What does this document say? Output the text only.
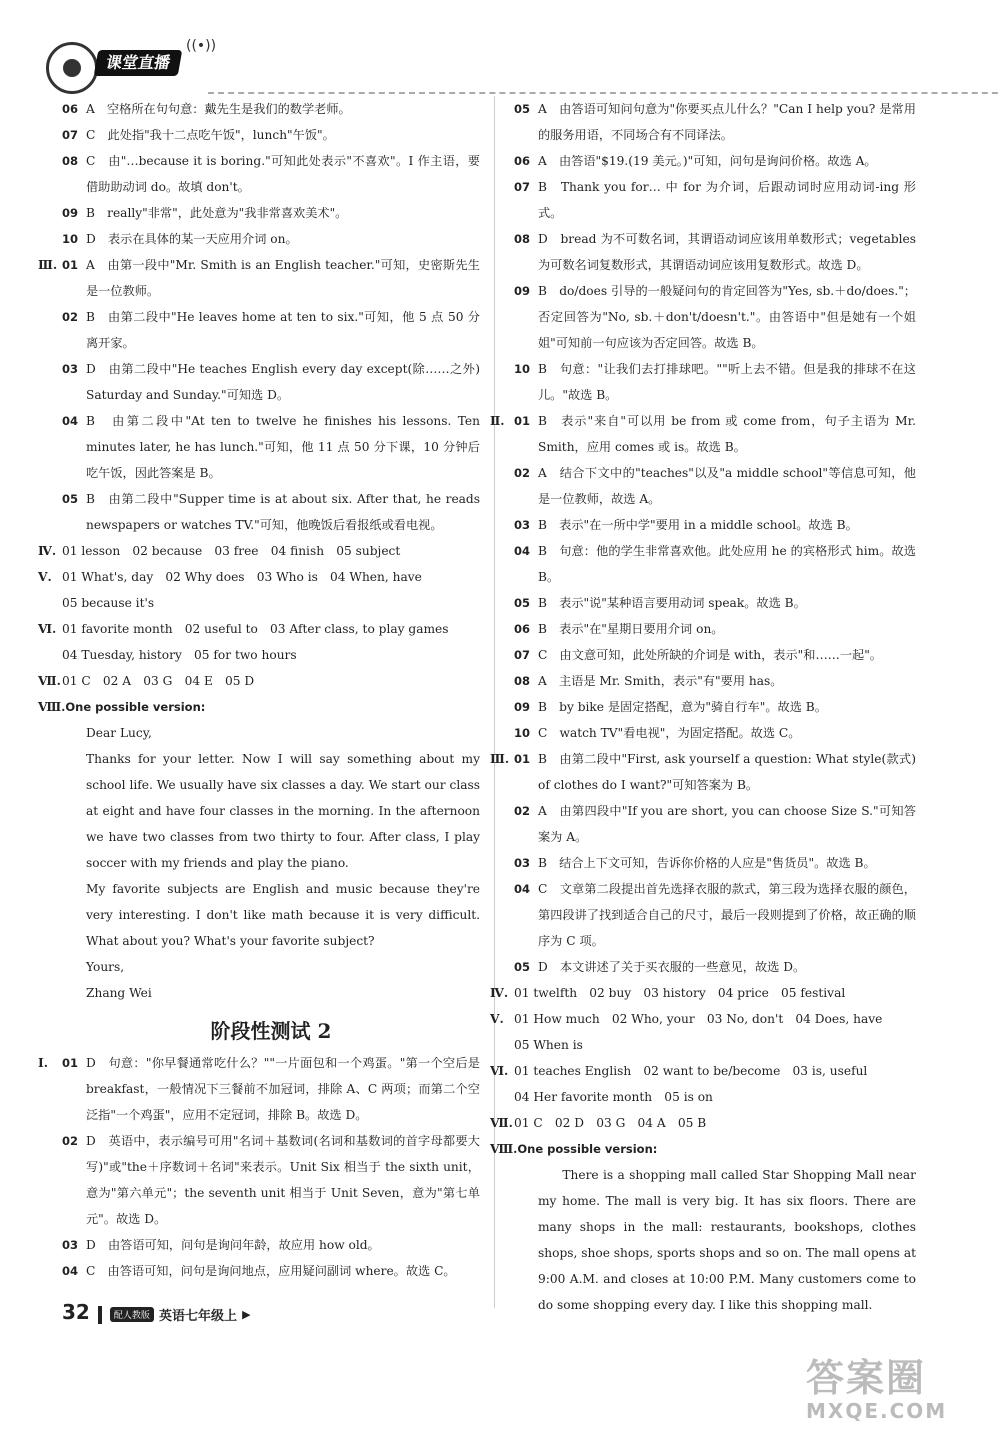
课堂直播
((•))
06 A　空格所在句句意：戴先生是我们的数学老师。
07 C　此处指"我十二点吃午饭"，lunch"午饭"。
08 C　由"…because it is boring."可知此处表示"不喜欢"。I 作主语，要借助助动词 do。故填 don't。
09 B　really"非常"，此处意为"我非常喜欢美术"。
10 D　表示在具体的某一天应用介词 on。
Ⅲ. 01 A　由第一段中"Mr. Smith is an English teacher."可知，史密斯先生是一位教师。
02 B　由第二段中"He leaves home at ten to six."可知，他 5 点 50 分离开家。
03 D　由第二段中"He teaches English every day except(除……之外) Saturday and Sunday."可知选 D。
04 B　由第二段中"At ten to twelve he finishes his lessons. Ten minutes later, he has lunch."可知，他 11 点 50 分下课，10 分钟后吃午饭，因此答案是 B。
05 B　由第二段中"Supper time is at about six. After that, he reads newspapers or watches TV."可知，他晚饭后看报纸或看电视。
Ⅳ. 01 lesson　02 because　03 free　04 finish　05 subject
Ⅴ. 01 What's, day　02 Why does　03 Who is　04 When, have
05 because it's
Ⅵ. 01 favorite month　02 useful to　03 After class, to play games
04 Tuesday, history　05 for two hours
Ⅶ. 01 C　02 A　03 G　04 E　05 D
Ⅷ. One possible version:

Dear Lucy,

Thanks for your letter. Now I will say something about my school life. We usually have six classes a day. We start our class at eight and have four classes in the morning. In the afternoon we have two classes from two thirty to four. After class, I play soccer with my friends and play the piano.

My favorite subjects are English and music because they're very interesting. I don't like math because it is very difficult. What about you? What's your favorite subject?

Yours,

Zhang Wei

阶段性测试 2
Ⅰ.	01 D　句意："你早餐通常吃什么？""一片面包和一个鸡蛋。"第一个空后是 breakfast，一般情况下三餐前不加冠词，排除 A、C 两项；而第二个空泛指"一个鸡蛋"，应用不定冠词，排除 B。故选 D。
02 D　英语中，表示编号可用"名词＋基数词(名词和基数词的首字母都要大写)"或"the＋序数词＋名词"来表示。Unit Six 相当于 the sixth unit，意为"第六单元"；the seventh unit 相当于 Unit Seven，意为"第七单元"。故选 D。
03 D　由答语可知，问句是询问年龄，故应用 how old。
04 C　由答语可知，问句是询问地点，应用疑问副词 where。故选 C。
05 A　由答语可知问句意为"你要买点儿什么？"Can I help you? 是常用的服务用语，不同场合有不同译法。
06 A　由答语"$19.(19 美元。)"可知，问句是询问价格。故选 A。
07 B　Thank you for… 中 for 为介词，后跟动词时应用动词-ing 形式。
08 D　bread 为不可数名词，其谓语动词应该用单数形式；vegetables 为可数名词复数形式，其谓语动词应该用复数形式。故选 D。
09 B　do/does 引导的一般疑问句的肯定回答为"Yes, sb.＋do/does."；否定回答为"No, sb.＋don't/doesn't."。由答语中"但是她有一个姐姐"可知前一句应该为否定回答。故选 B。
10 B　句意："让我们去打排球吧。""听上去不错。但是我的排球不在这儿。"故选 B。
Ⅱ. 01 B　表示"来自"可以用 be from 或 come from，句子主语为 Mr. Smith，应用 comes 或 is。故选 B。
02 A　结合下文中的"teaches"以及"a middle school"等信息可知，他是一位教师，故选 A。
03 B　表示"在一所中学"要用 in a middle school。故选 B。
04 B　句意：他的学生非常喜欢他。此处应用 he 的宾格形式 him。故选 B。
05 B　表示"说"某种语言要用动词 speak。故选 B。
06 B　表示"在"星期日要用介词 on。
07 C　由文意可知，此处所缺的介词是 with，表示"和……一起"。
08 A　主语是 Mr. Smith，表示"有"要用 has。
09 B　by bike 是固定搭配，意为"骑自行车"。故选 B。
10 C　watch TV"看电视"，为固定搭配。故选 C。
Ⅲ. 01 B　由第二段中"First, ask yourself a question: What style(款式) of clothes do I want?"可知答案为 B。
02 A　由第四段中"If you are short, you can choose Size S."可知答案为 A。
03 B　结合上下文可知，告诉你价格的人应是"售货员"。故选 B。
04 C　文章第二段提出首先选择衣服的款式，第三段为选择衣服的颜色，第四段讲了找到适合自己的尺寸，最后一段则提到了价格，故正确的顺序为 C 项。
05 D　本文讲述了关于买衣服的一些意见，故选 D。
Ⅳ. 01 twelfth　02 buy　03 history　04 price　05 festival
Ⅴ. 01 How much　02 Who, your　03 No, don't　04 Does, have
05 When is
Ⅵ. 01 teaches English　02 want to be/become　03 is, useful
04 Her favorite month　05 is on
Ⅶ. 01 C　02 D　03 G　04 A　05 B
Ⅷ. One possible version:

There is a shopping mall called Star Shopping Mall near my home. The mall is very big. It has six floors. There are many shops in the mall: restaurants, bookshops, clothes shops, shoe shops, sports shops and so on. The mall opens at 9:00 A.M. and closes at 10:00 P.M. Many customers come to do some shopping every day. I like this shopping mall.

32	配人教版 英语七年级上 ▶
答案圈
MXQE.COM
